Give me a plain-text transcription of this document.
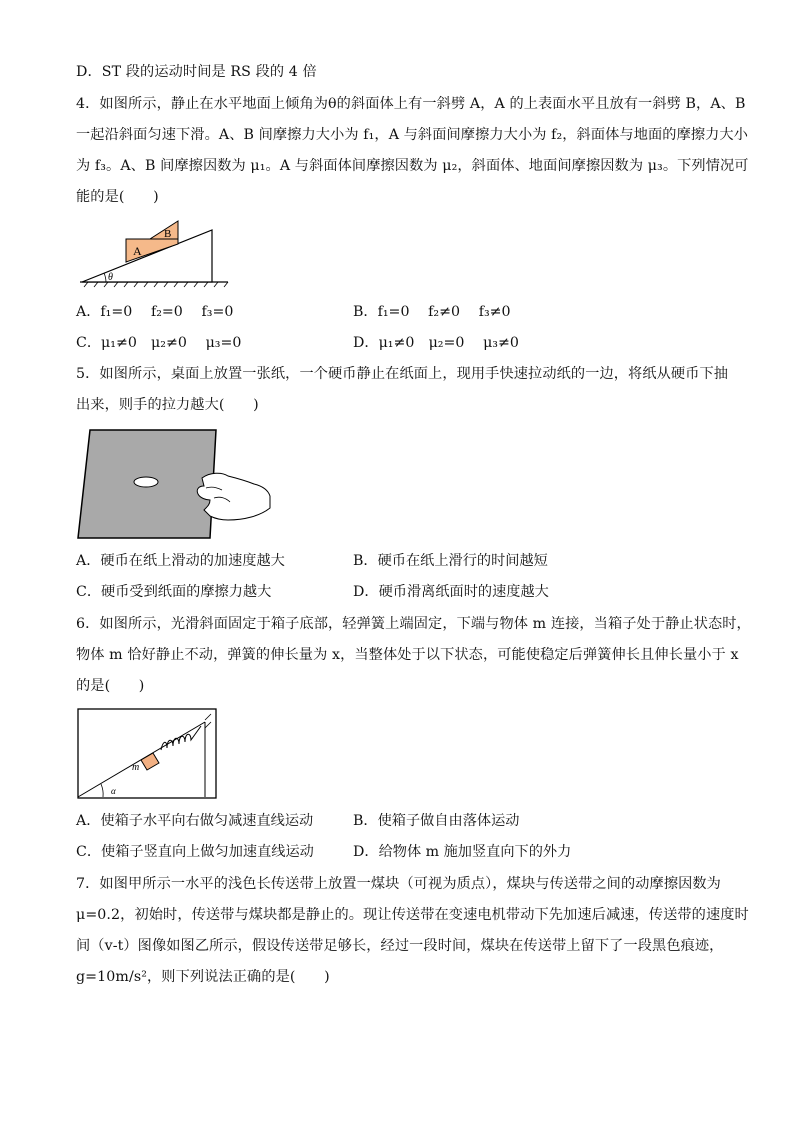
D．ST 段的运动时间是 RS 段的 4 倍
4．如图所示，静止在水平地面上倾角为θ的斜面体上有一斜劈 A，A 的上表面水平且放有一斜劈 B，A、B
一起沿斜面匀速下滑。A、B 间摩擦力大小为 f₁，A 与斜面间摩擦力大小为 f₂，斜面体与地面的摩擦力大小
为 f₃。A、B 间摩擦因数为 μ₁。A 与斜面体间摩擦因数为 μ₂，斜面体、地面间摩擦因数为 μ₃。下列情况可
能的是(　　)
A
B
θ
A．f₁=0　 f₂=0　 f₃=0	B．f₁=0　 f₂≠0　 f₃≠0
C．μ₁≠0　μ₂≠0　 μ₃=0	D．μ₁≠0　μ₂=0　 μ₃≠0
5．如图所示，桌面上放置一张纸，一个硬币静止在纸面上，现用手快速拉动纸的一边，将纸从硬币下抽
出来，则手的拉力越大(　　)
A．硬币在纸上滑动的加速度越大	B．硬币在纸上滑行的时间越短
C．硬币受到纸面的摩擦力越大	D．硬币滑离纸面时的速度越大
6．如图所示，光滑斜面固定于箱子底部，轻弹簧上端固定，下端与物体 m 连接，当箱子处于静止状态时，
物体 m 恰好静止不动，弹簧的伸长量为 x，当整体处于以下状态，可能使稳定后弹簧伸长且伸长量小于 x
的是(　　)
m
α
A．使箱子水平向右做匀减速直线运动	B．使箱子做自由落体运动
C．使箱子竖直向上做匀加速直线运动	D．给物体 m 施加竖直向下的外力
7．如图甲所示一水平的浅色长传送带上放置一煤块（可视为质点），煤块与传送带之间的动摩擦因数为
μ=0.2，初始时，传送带与煤块都是静止的。现让传送带在变速电机带动下先加速后减速，传送带的速度时
间（v-t）图像如图乙所示，假设传送带足够长，经过一段时间，煤块在传送带上留下了一段黑色痕迹，
g=10m/s²，则下列说法正确的是(　　)
